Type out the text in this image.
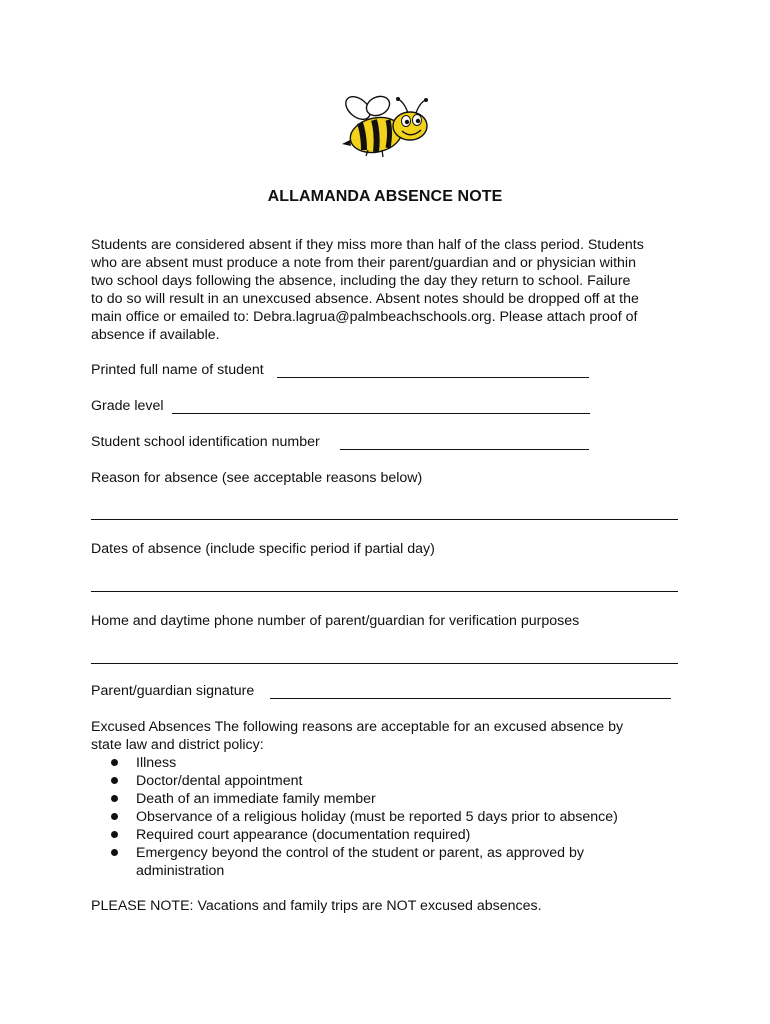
ALLAMANDA ABSENCE NOTE
Students are considered absent if they miss more than half of the class period. Students
who are absent must produce a note from their parent/guardian and or physician within
two school days following the absence, including the day they return to school. Failure
to do so will result in an unexcused absence. Absent notes should be dropped off at the
main office or emailed to: Debra.lagrua@palmbeachschools.org. Please attach proof of
absence if available.
Printed full name of student
Grade level
Student school identification number
Reason for absence (see acceptable reasons below)
Dates of absence (include specific period if partial day)
Home and daytime phone number of parent/guardian for verification purposes
Parent/guardian signature
Excused Absences The following reasons are acceptable for an excused absence by
state law and district policy:
Illness
Doctor/dental appointment
Death of an immediate family member
Observance of a religious holiday (must be reported 5 days prior to absence)
Required court appearance (documentation required)
Emergency beyond the control of the student or parent, as approved by
administration
PLEASE NOTE: Vacations and family trips are NOT excused absences.
